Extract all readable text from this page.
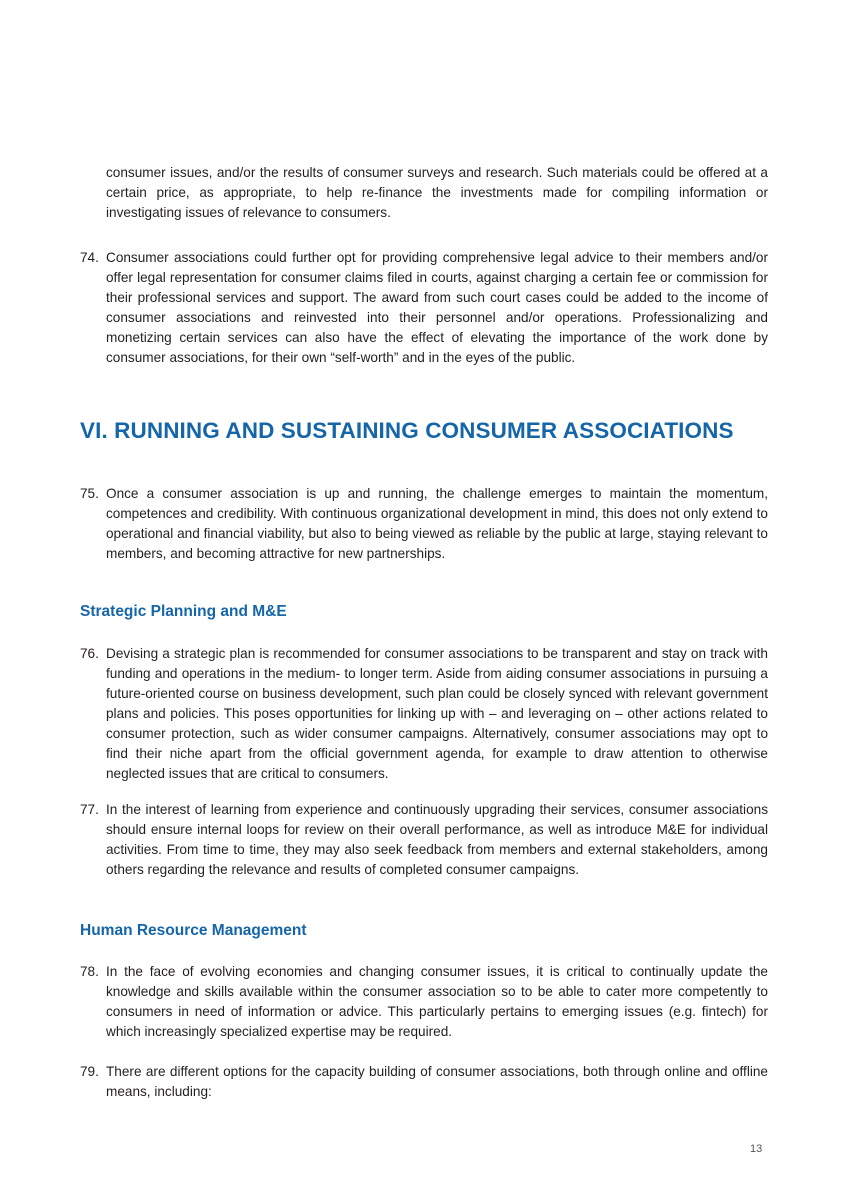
consumer issues, and/or the results of consumer surveys and research. Such materials could be offered at a certain price, as appropriate, to help re-finance the investments made for compiling information or investigating issues of relevance to consumers.
74. Consumer associations could further opt for providing comprehensive legal advice to their members and/or offer legal representation for consumer claims filed in courts, against charging a certain fee or commission for their professional services and support. The award from such court cases could be added to the income of consumer associations and reinvested into their personnel and/or operations. Professionalizing and monetizing certain services can also have the effect of elevating the importance of the work done by consumer associations, for their own “self-worth” and in the eyes of the public.
VI. RUNNING AND SUSTAINING CONSUMER ASSOCIATIONS
75. Once a consumer association is up and running, the challenge emerges to maintain the momentum, competences and credibility. With continuous organizational development in mind, this does not only extend to operational and financial viability, but also to being viewed as reliable by the public at large, staying relevant to members, and becoming attractive for new partnerships.
Strategic Planning and M&E
76. Devising a strategic plan is recommended for consumer associations to be transparent and stay on track with funding and operations in the medium- to longer term. Aside from aiding consumer associations in pursuing a future-oriented course on business development, such plan could be closely synced with relevant government plans and policies. This poses opportunities for linking up with – and leveraging on – other actions related to consumer protection, such as wider consumer campaigns. Alternatively, consumer associations may opt to find their niche apart from the official government agenda, for example to draw attention to otherwise neglected issues that are critical to consumers.
77. In the interest of learning from experience and continuously upgrading their services, consumer associations should ensure internal loops for review on their overall performance, as well as introduce M&E for individual activities. From time to time, they may also seek feedback from members and external stakeholders, among others regarding the relevance and results of completed consumer campaigns.
Human Resource Management
78. In the face of evolving economies and changing consumer issues, it is critical to continually update the knowledge and skills available within the consumer association so to be able to cater more competently to consumers in need of information or advice. This particularly pertains to emerging issues (e.g. fintech) for which increasingly specialized expertise may be required.
79. There are different options for the capacity building of consumer associations, both through online and offline means, including:
13
